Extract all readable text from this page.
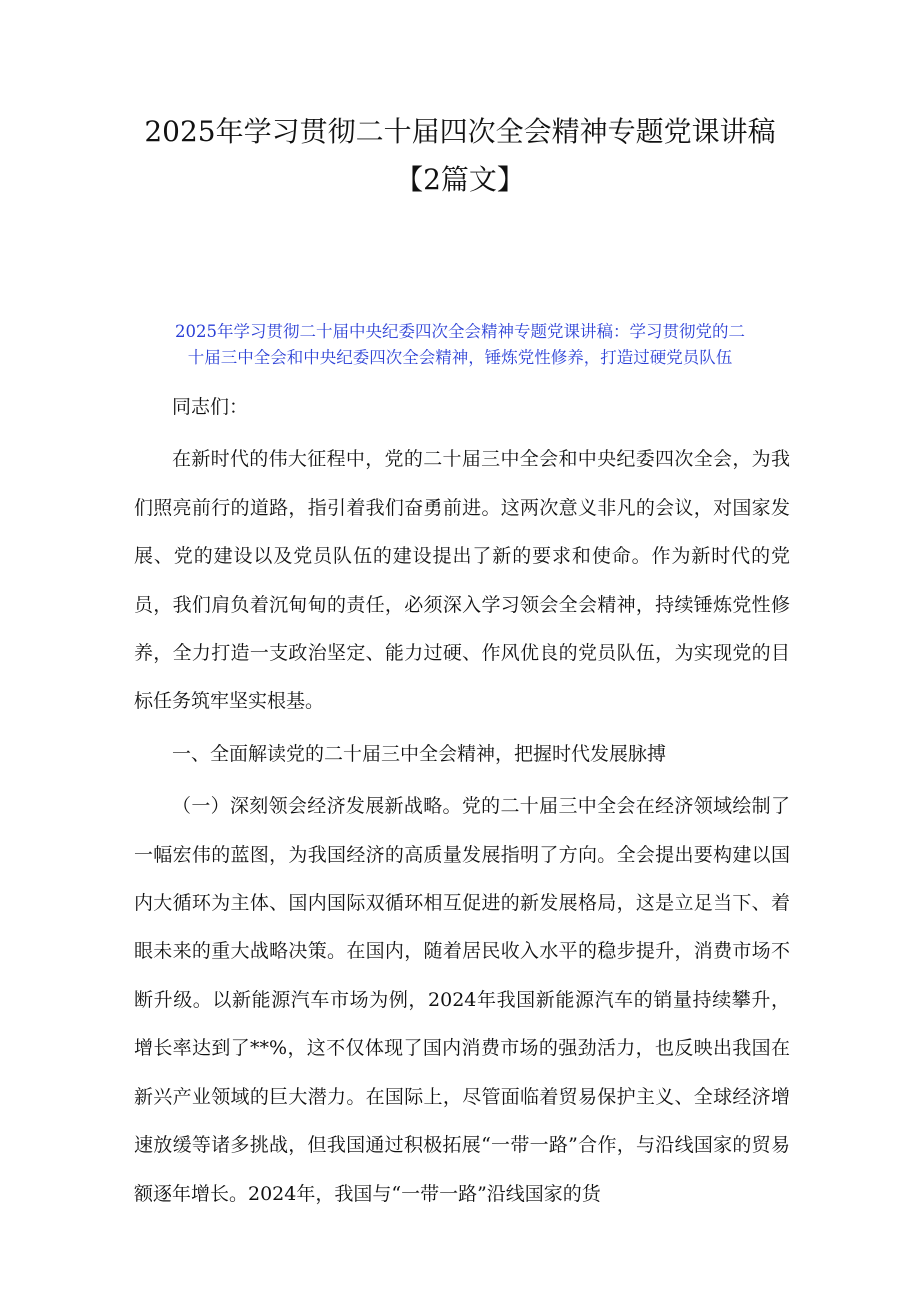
2025年学习贯彻二十届四次全会精神专题党课讲稿
【2篇文】
2025年学习贯彻二十届中央纪委四次全会精神专题党课讲稿：学习贯彻党的二
十届三中全会和中央纪委四次全会精神，锤炼党性修养，打造过硬党员队伍

同志们：

在新时代的伟大征程中，党的二十届三中全会和中央纪委四次全会，为我们照亮前行的道路，指引着我们奋勇前进。这两次意义非凡的会议，对国家发展、党的建设以及党员队伍的建设提出了新的要求和使命。作为新时代的党员，我们肩负着沉甸甸的责任，必须深入学习领会全会精神，持续锤炼党性修养，全力打造一支政治坚定、能力过硬、作风优良的党员队伍，为实现党的目标任务筑牢坚实根基。

一、全面解读党的二十届三中全会精神，把握时代发展脉搏

（一）深刻领会经济发展新战略。党的二十届三中全会在经济领域绘制了一幅宏伟的蓝图，为我国经济的高质量发展指明了方向。全会提出要构建以国内大循环为主体、国内国际双循环相互促进的新发展格局，这是立足当下、着眼未来的重大战略决策。在国内，随着居民收入水平的稳步提升，消费市场不断升级。以新能源汽车市场为例，2024年我国新能源汽车的销量持续攀升，增长率达到了**%，这不仅体现了国内消费市场的强劲活力，也反映出我国在新兴产业领域的巨大潜力。在国际上，尽管面临着贸易保护主义、全球经济增速放缓等诸多挑战，但我国通过积极拓展“一带一路”合作，与沿线国家的贸易额逐年增长。2024年，我国与“一带一路”沿线国家的货
